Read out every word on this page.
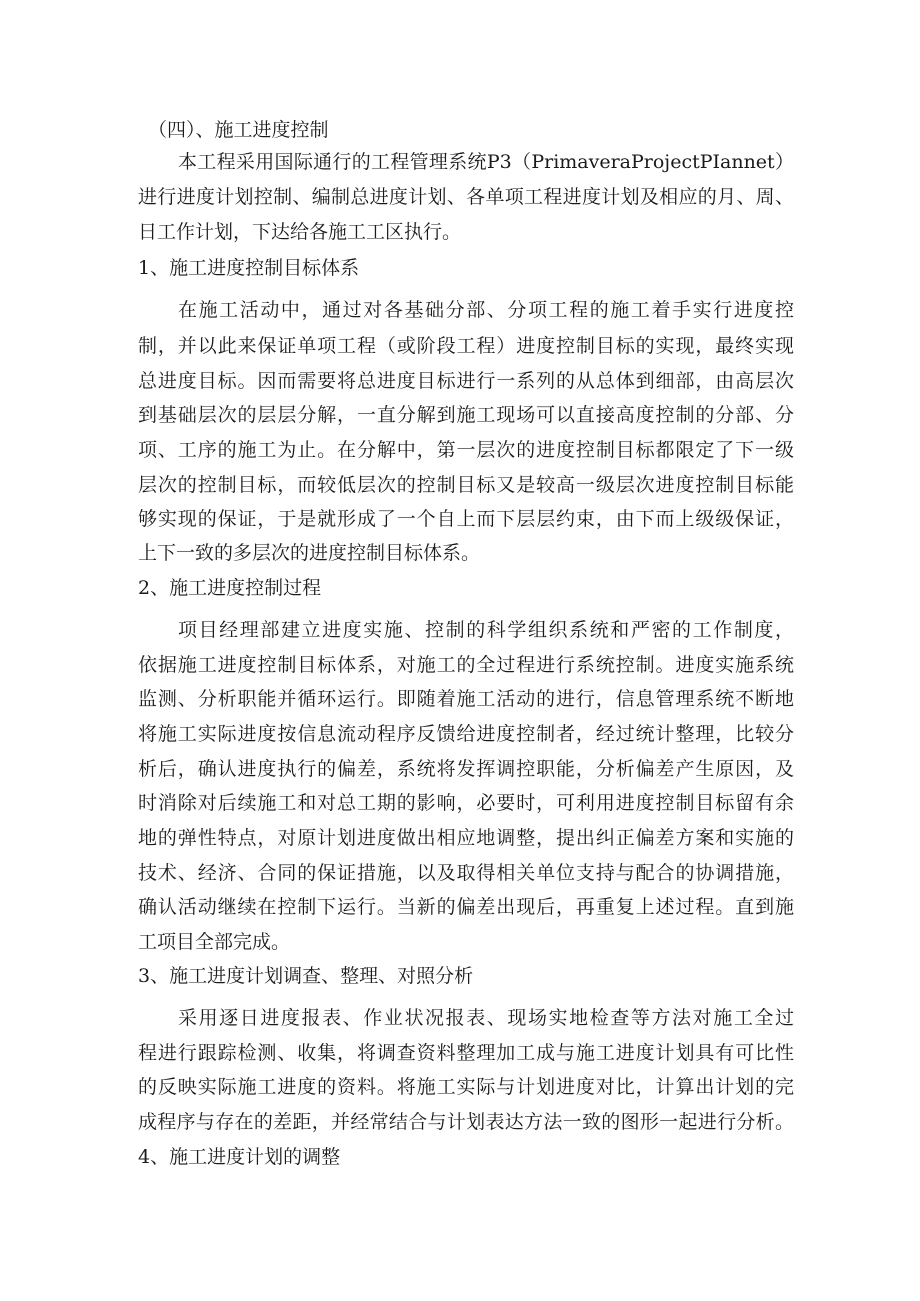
（四）、施工进度控制
本工程采用国际通行的工程管理系统P3（PrimaveraProjectPIannet）
进行进度计划控制、编制总进度计划、各单项工程进度计划及相应的月、周、
日工作计划，下达给各施工工区执行。
1、施工进度控制目标体系
在施工活动中，通过对各基础分部、分项工程的施工着手实行进度控
制，并以此来保证单项工程（或阶段工程）进度控制目标的实现，最终实现
总进度目标。因而需要将总进度目标进行一系列的从总体到细部，由高层次
到基础层次的层层分解，一直分解到施工现场可以直接高度控制的分部、分
项、工序的施工为止。在分解中，第一层次的进度控制目标都限定了下一级
层次的控制目标，而较低层次的控制目标又是较高一级层次进度控制目标能
够实现的保证，于是就形成了一个自上而下层层约束，由下而上级级保证，
上下一致的多层次的进度控制目标体系。
2、施工进度控制过程
项目经理部建立进度实施、控制的科学组织系统和严密的工作制度，
依据施工进度控制目标体系，对施工的全过程进行系统控制。进度实施系统
监测、分析职能并循环运行。即随着施工活动的进行，信息管理系统不断地
将施工实际进度按信息流动程序反馈给进度控制者，经过统计整理，比较分
析后，确认进度执行的偏差，系统将发挥调控职能，分析偏差产生原因，及
时消除对后续施工和对总工期的影响，必要时，可利用进度控制目标留有余
地的弹性特点，对原计划进度做出相应地调整，提出纠正偏差方案和实施的
技术、经济、合同的保证措施，以及取得相关单位支持与配合的协调措施，
确认活动继续在控制下运行。当新的偏差出现后，再重复上述过程。直到施
工项目全部完成。
3、施工进度计划调查、整理、对照分析
采用逐日进度报表、作业状况报表、现场实地检查等方法对施工全过
程进行跟踪检测、收集，将调查资料整理加工成与施工进度计划具有可比性
的反映实际施工进度的资料。将施工实际与计划进度对比，计算出计划的完
成程序与存在的差距，并经常结合与计划表达方法一致的图形一起进行分析。
4、施工进度计划的调整
